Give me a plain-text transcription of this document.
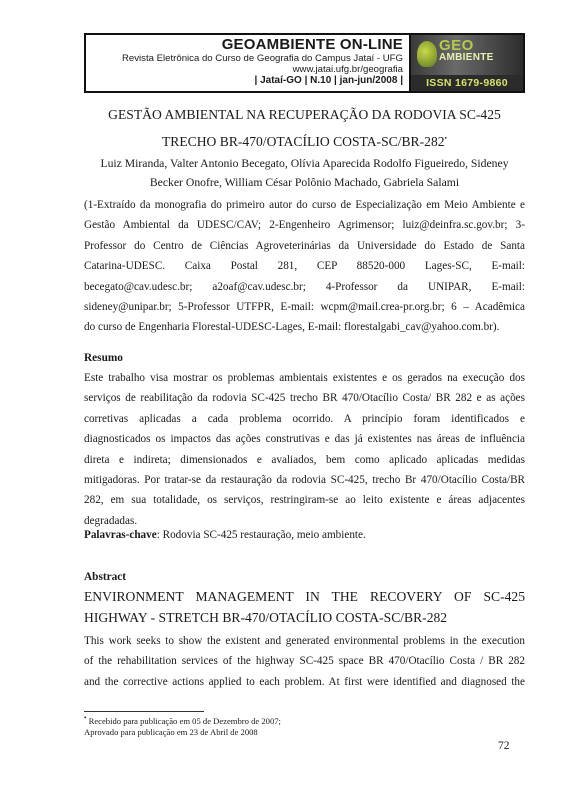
GEOAMBIENTE ON-LINE
Revista Eletrônica do Curso de Geografia do Campus Jataí - UFG
www.jatai.ufg.br/geografia
| Jataí-GO | N.10 | jan-jun/2008 |
GEO
AMBIENTE
ISSN 1679-9860
GESTÃO AMBIENTAL NA RECUPERAÇÃO DA RODOVIA SC-425
TRECHO BR-470/OTACÍLIO COSTA-SC/BR-282•
Luiz Miranda, Valter Antonio Becegato, Olívia Aparecida Rodolfo Figueiredo, Sideney
Becker Onofre, William César Polônio Machado, Gabriela Salami
(1-Extraído da monografia do primeiro autor do curso de Especialização em Meio Ambiente e
Gestão Ambiental da UDESC/CAV; 2-Engenheiro Agrimensor; luiz@deinfra.sc.gov.br; 3-
Professor do Centro de Ciências Agroveterinárias da Universidade do Estado de Santa
Catarina-UDESC. Caixa Postal 281, CEP 88520-000 Lages-SC, E-mail:
becegato@cav.udesc.br; a2oaf@cav.udesc.br; 4-Professor da UNIPAR, E-mail:
sideney@unipar.br; 5-Professor UTFPR, E-mail: wcpm@mail.crea-pr.org.br; 6 – Acadêmica
do curso de Engenharia Florestal-UDESC-Lages, E-mail: florestalgabi_cav@yahoo.com.br).
Resumo
Este trabalho visa mostrar os problemas ambientais existentes e os gerados na execução dos
serviços de reabilitação da rodovia SC-425 trecho BR 470/Otacílio Costa/ BR 282 e as ações
corretivas aplicadas a cada problema ocorrido. A princípio foram identificados e
diagnosticados os impactos das ações construtivas e das já existentes nas áreas de influência
direta e indireta; dimensionados e avaliados, bem como aplicado aplicadas medidas
mitigadoras. Por tratar-se da restauração da rodovia SC-425, trecho Br 470/Otacílio Costa/BR
282, em sua totalidade, os serviços, restringiram-se ao leito existente e áreas adjacentes
degradadas.
Palavras-chave: Rodovia SC-425 restauração, meio ambiente.
Abstract
ENVIRONMENT MANAGEMENT IN THE RECOVERY OF SC-425
HIGHWAY - STRETCH BR-470/OTACÍLIO COSTA-SC/BR-282
This work seeks to show the existent and generated environmental problems in the execution
of the rehabilitation services of the highway SC-425 space BR 470/Otacílio Costa / BR 282
and the corrective actions applied to each problem. At first were identified and diagnosed the
• Recebido para publicação em 05 de Dezembro de 2007;
Aprovado para publicação em 23 de Abril de 2008
72
